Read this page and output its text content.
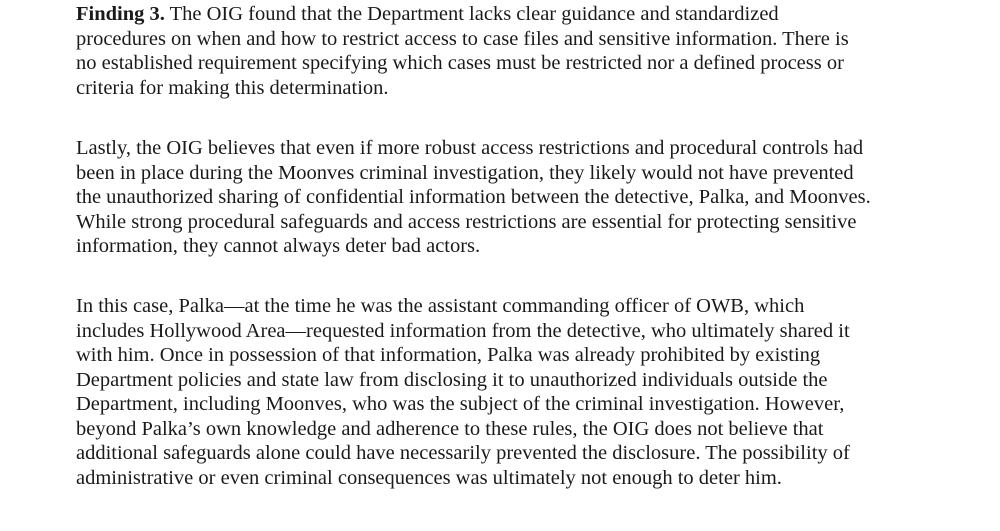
Finding 3. The OIG found that the Department lacks clear guidance and standardized
procedures on when and how to restrict access to case files and sensitive information. There is
no established requirement specifying which cases must be restricted nor a defined process or
criteria for making this determination.

Lastly, the OIG believes that even if more robust access restrictions and procedural controls had
been in place during the Moonves criminal investigation, they likely would not have prevented
the unauthorized sharing of confidential information between the detective, Palka, and Moonves.
While strong procedural safeguards and access restrictions are essential for protecting sensitive
information, they cannot always deter bad actors.

In this case, Palka—at the time he was the assistant commanding officer of OWB, which
includes Hollywood Area—requested information from the detective, who ultimately shared it
with him. Once in possession of that information, Palka was already prohibited by existing
Department policies and state law from disclosing it to unauthorized individuals outside the
Department, including Moonves, who was the subject of the criminal investigation. However,
beyond Palka’s own knowledge and adherence to these rules, the OIG does not believe that
additional safeguards alone could have necessarily prevented the disclosure. The possibility of
administrative or even criminal consequences was ultimately not enough to deter him.
